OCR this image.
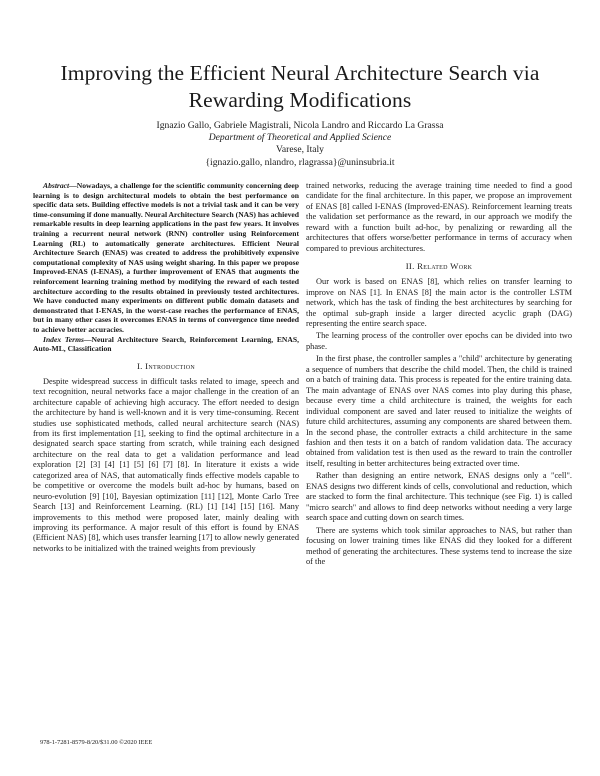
Improving the Efficient Neural Architecture Search via Rewarding Modifications
Ignazio Gallo, Gabriele Magistrali, Nicola Landro and Riccardo La Grassa
Department of Theoretical and Applied Science
Varese, Italy
{ignazio.gallo, nlandro, rlagrassa}@uninsubria.it

Abstract—Nowadays, a challenge for the scientific community concerning deep learning is to design architectural models to obtain the best performance on specific data sets. Building effective models is not a trivial task and it can be very time-consuming if done manually. Neural Architecture Search (NAS) has achieved remarkable results in deep learning applications in the past few years. It involves training a recurrent neural network (RNN) controller using Reinforcement Learning (RL) to automatically generate architectures. Efficient Neural Architecture Search (ENAS) was created to address the prohibitively expensive computational complexity of NAS using weight sharing. In this paper we propose Improved-ENAS (I-ENAS), a further improvement of ENAS that augments the reinforcement learning training method by modifying the reward of each tested architecture according to the results obtained in previously tested architectures. We have conducted many experiments on different public domain datasets and demonstrated that I-ENAS, in the worst-case reaches the performance of ENAS, but in many other cases it overcomes ENAS in terms of convergence time needed to achieve better accuracies.

Index Terms—Neural Architecture Search, Reinforcement Learning, ENAS, Auto-ML, Classification

I. Introduction

Despite widespread success in difficult tasks related to image, speech and text recognition, neural networks face a major challenge in the creation of an architecture capable of achieving high accuracy. The effort needed to design the architecture by hand is well-known and it is very time-consuming. Recent studies use sophisticated methods, called neural architecture search (NAS) from its first implementation [1], seeking to find the optimal architecture in a designated search space starting from scratch, while training each designed architecture on the real data to get a validation performance and lead exploration [2] [3] [4] [1] [5] [6] [7] [8]. In literature it exists a wide categorized area of NAS, that automatically finds effective models capable to be competitive or overcome the models built ad-hoc by humans, based on neuro-evolution [9] [10], Bayesian optimization [11] [12], Monte Carlo Tree Search [13] and Reinforcement Learning. (RL) [1] [14] [15] [16]. Many improvements to this method were proposed later, mainly dealing with improving its performance. A major result of this effort is found by ENAS (Efficient NAS) [8], which uses transfer learning [17] to allow newly generated networks to be initialized with the trained weights from previously

trained networks, reducing the average training time needed to find a good candidate for the final architecture. In this paper, we propose an improvement of ENAS [8] called I-ENAS (Improved-ENAS). Reinforcement learning treats the validation set performance as the reward, in our approach we modify the reward with a function built ad-hoc, by penalizing or rewarding all the architectures that offers worse/better performance in terms of accuracy when compared to previous architectures.

II. Related Work

Our work is based on ENAS [8], which relies on transfer learning to improve on NAS [1]. In ENAS [8] the main actor is the controller LSTM network, which has the task of finding the best architectures by searching for the optimal sub-graph inside a larger directed acyclic graph (DAG) representing the entire search space.

The learning process of the controller over epochs can be divided into two phase.

In the first phase, the controller samples a "child" architecture by generating a sequence of numbers that describe the child model. Then, the child is trained on a batch of training data. This process is repeated for the entire training data. The main advantage of ENAS over NAS comes into play during this phase, because every time a child architecture is trained, the weights for each individual component are saved and later reused to initialize the weights of future child architectures, assuming any components are shared between them. In the second phase, the controller extracts a child architecture in the same fashion and then tests it on a batch of random validation data. The accuracy obtained from validation test is then used as the reward to train the controller itself, resulting in better architectures being extracted over time.

Rather than designing an entire network, ENAS designs only a "cell". ENAS designs two different kinds of cells, convolutional and reduction, which are stacked to form the final architecture. This technique (see Fig. 1) is called "micro search" and allows to find deep networks without needing a very large search space and cutting down on search times.

There are systems which took similar approaches to NAS, but rather than focusing on lower training times like ENAS did they looked for a different method of generating the architectures. These systems tend to increase the size of the

978-1-7281-8579-8/20/$31.00 ©2020 IEEE
